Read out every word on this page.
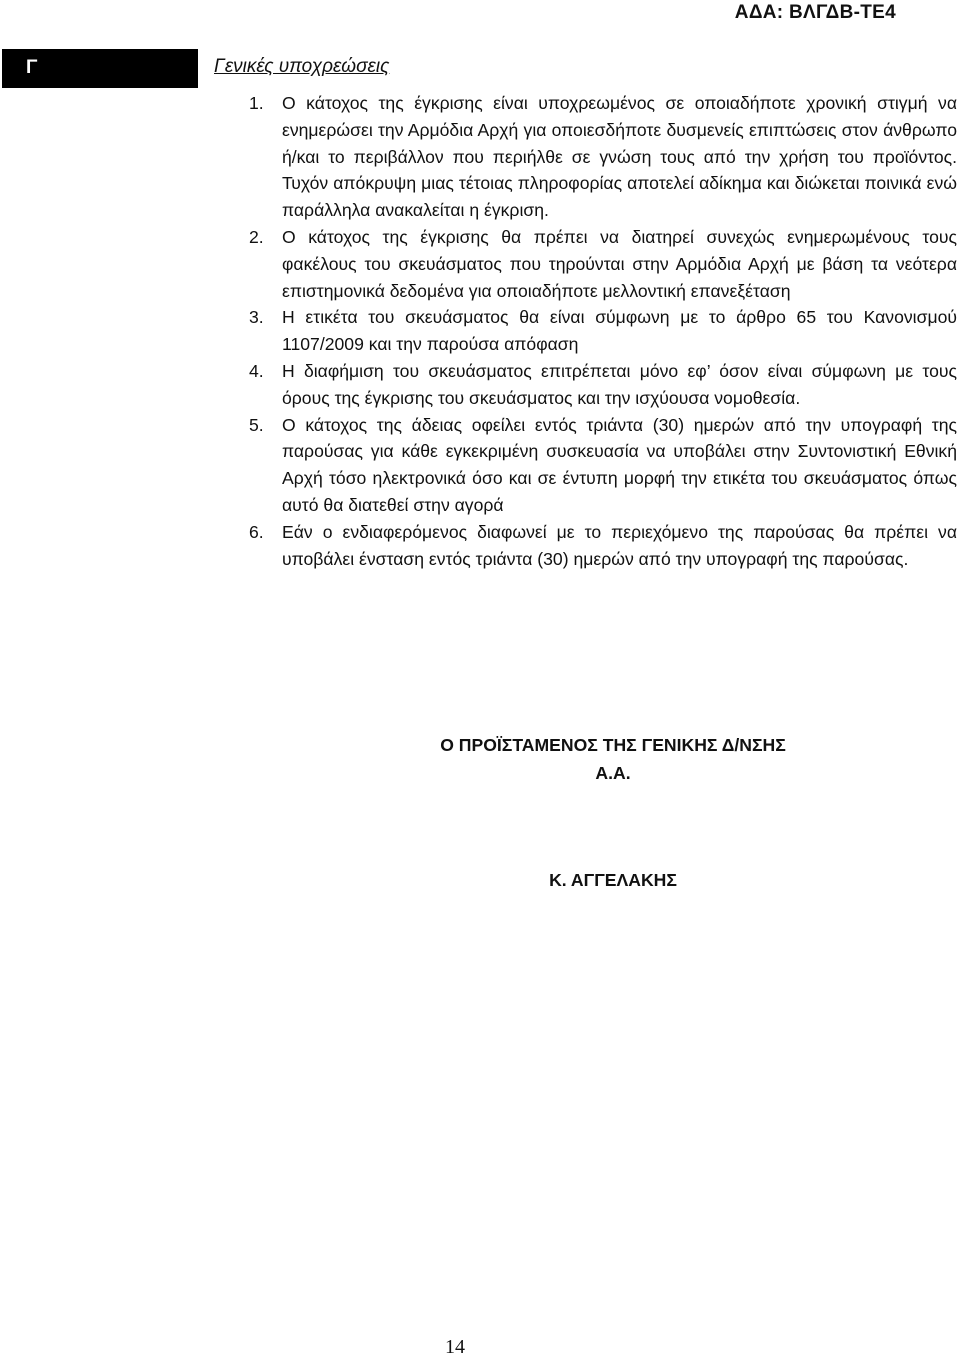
ΑΔΑ: ΒΛΓΔΒ-ΤΕ4
Γ	Γενικές υποχρεώσεις
1.	Ο κάτοχος της έγκρισης είναι υποχρεωμένος σε οποιαδήποτε χρονική στιγμή να ενημερώσει την Αρμόδια Αρχή για οποιεσδήποτε δυσμενείς επιπτώσεις στον άνθρωπο ή/και το περιβάλλον που περιήλθε σε γνώση τους από την χρήση του προϊόντος. Τυχόν απόκρυψη μιας τέτοιας πληροφορίας αποτελεί αδίκημα και διώκεται ποινικά ενώ παράλληλα ανακαλείται η έγκριση.
2.	Ο κάτοχος της έγκρισης θα πρέπει να διατηρεί συνεχώς ενημερωμένους τους φακέλους του σκευάσματος που τηρούνται στην Αρμόδια Αρχή με βάση τα νεότερα επιστημονικά δεδομένα για οποιαδήποτε μελλοντική επανεξέταση
3.	Η ετικέτα του σκευάσματος θα είναι σύμφωνη με το άρθρο 65 του Κανονισμού 1107/2009 και την παρούσα απόφαση
4.	Η διαφήμιση του σκευάσματος επιτρέπεται μόνο εφ’ όσον είναι σύμφωνη με τους όρους της έγκρισης του σκευάσματος και την ισχύουσα νομοθεσία.
5.	Ο κάτοχος της άδειας οφείλει εντός τριάντα (30) ημερών από την υπογραφή της παρούσας για κάθε εγκεκριμένη συσκευασία να υποβάλει στην Συντονιστική Εθνική Αρχή τόσο ηλεκτρονικά όσο και σε έντυπη μορφή την ετικέτα του σκευάσματος όπως αυτό θα διατεθεί στην αγορά
6.	Εάν ο ενδιαφερόμενος διαφωνεί με το περιεχόμενο της παρούσας θα πρέπει να υποβάλει ένσταση εντός τριάντα (30) ημερών από την υπογραφή της παρούσας.
Ο ΠΡΟΪΣΤΑΜΕΝΟΣ ΤΗΣ ΓΕΝΙΚΗΣ Δ/ΝΣΗΣ
Α.Α.
Κ. ΑΓΓΕΛΑΚΗΣ
14
